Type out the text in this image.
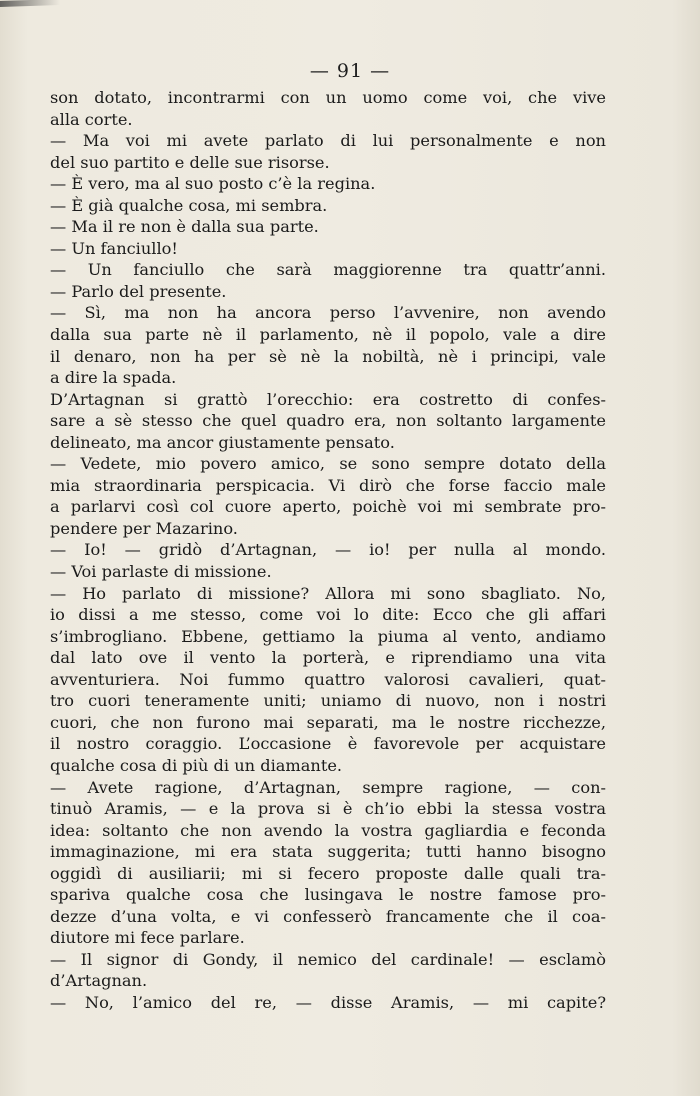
— 91 —
son dotato, incontrarmi con un uomo come voi, che vive
alla corte.
— Ma voi mi avete parlato di lui personalmente e non
del suo partito e delle sue risorse.
— È vero, ma al suo posto c’è la regina.
— È già qualche cosa, mi sembra.
— Ma il re non è dalla sua parte.
— Un fanciullo!
— Un fanciullo che sarà maggiorenne tra quattr’anni.
— Parlo del presente.
— Sì, ma non ha ancora perso l’avvenire, non avendo
dalla sua parte nè il parlamento, nè il popolo, vale a dire
il denaro, non ha per sè nè la nobiltà, nè i principi, vale
a dire la spada.
D’Artagnan si grattò l’orecchio: era costretto di confes-
sare a sè stesso che quel quadro era, non soltanto largamente
delineato, ma ancor giustamente pensato.
— Vedete, mio povero amico, se sono sempre dotato della
mia straordinaria perspicacia. Vi dirò che forse faccio male
a parlarvi così col cuore aperto, poichè voi mi sembrate pro-
pendere per Mazarino.
— Io! — gridò d’Artagnan, — io! per nulla al mondo.
— Voi parlaste di missione.
— Ho parlato di missione? Allora mi sono sbagliato. No,
io dissi a me stesso, come voi lo dite: Ecco che gli affari
s’imbrogliano. Ebbene, gettiamo la piuma al vento, andiamo
dal lato ove il vento la porterà, e riprendiamo una vita
avventuriera. Noi fummo quattro valorosi cavalieri, quat-
tro cuori teneramente uniti; uniamo di nuovo, non i nostri
cuori, che non furono mai separati, ma le nostre ricchezze,
il nostro coraggio. L’occasione è favorevole per acquistare
qualche cosa di più di un diamante.
— Avete ragione, d’Artagnan, sempre ragione, — con-
tinuò Aramis, — e la prova si è ch’io ebbi la stessa vostra
idea: soltanto che non avendo la vostra gagliardia e feconda
immaginazione, mi era stata suggerita; tutti hanno bisogno
oggidì di ausiliarii; mi si fecero proposte dalle quali tra-
spariva qualche cosa che lusingava le nostre famose pro-
dezze d’una volta, e vi confesserò francamente che il coa-
diutore mi fece parlare.
— Il signor di Gondy, il nemico del cardinale! — esclamò
d’Artagnan.
— No, l’amico del re, — disse Aramis, — mi capite?
